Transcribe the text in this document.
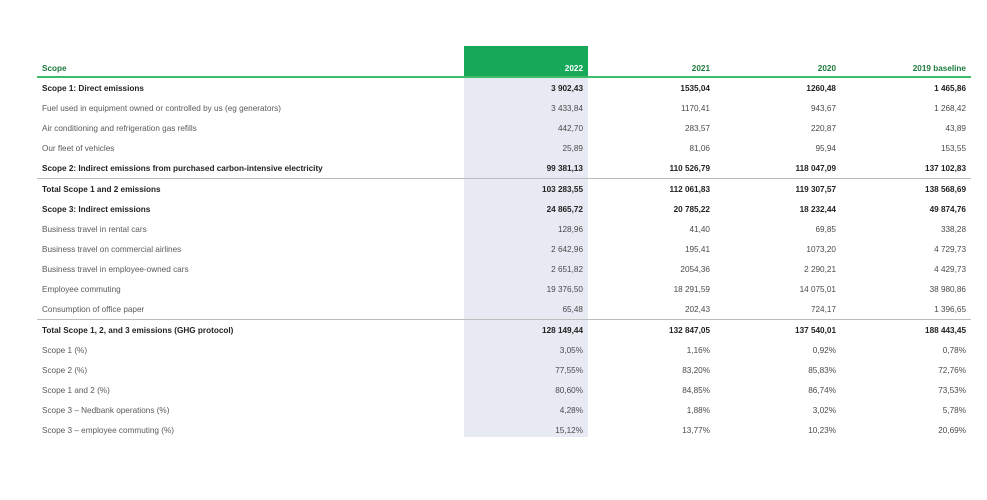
Scope	2022	2021	2020	2019 baseline
Scope 1: Direct emissions	3 902,43	1535,04	1260,48	1 465,86
Fuel used in equipment owned or controlled by us (eg generators)	3 433,84	1170,41	943,67	1 268,42
Air conditioning and refrigeration gas refills	442,70	283,57	220,87	43,89
Our fleet of vehicles	25,89	81,06	95,94	153,55
Scope 2: Indirect emissions from purchased carbon-intensive electricity	99 381,13	110 526,79	118 047,09	137 102,83
Total Scope 1 and 2 emissions	103 283,55	112 061,83	119 307,57	138 568,69
Scope 3: Indirect emissions	24 865,72	20 785,22	18 232,44	49 874,76
Business travel in rental cars	128,96	41,40	69,85	338,28
Business travel on commercial airlines	2 642,96	195,41	1073,20	4 729,73
Business travel in employee-owned cars	2 651,82	2054,36	2 290,21	4 429,73
Employee commuting	19 376,50	18 291,59	14 075,01	38 980,86
Consumption of office paper	65,48	202,43	724,17	1 396,65
Total Scope 1, 2, and 3 emissions (GHG protocol)	128 149,44	132 847,05	137 540,01	188 443,45
Scope 1 (%)	3,05%	1,16%	0,92%	0,78%
Scope 2 (%)	77,55%	83,20%	85,83%	72,76%
Scope 1 and 2 (%)	80,60%	84,85%	86,74%	73,53%
Scope 3 – Nedbank operations (%)	4,28%	1,88%	3,02%	5,78%
Scope 3 – employee commuting (%)	15,12%	13,77%	10,23%	20,69%
